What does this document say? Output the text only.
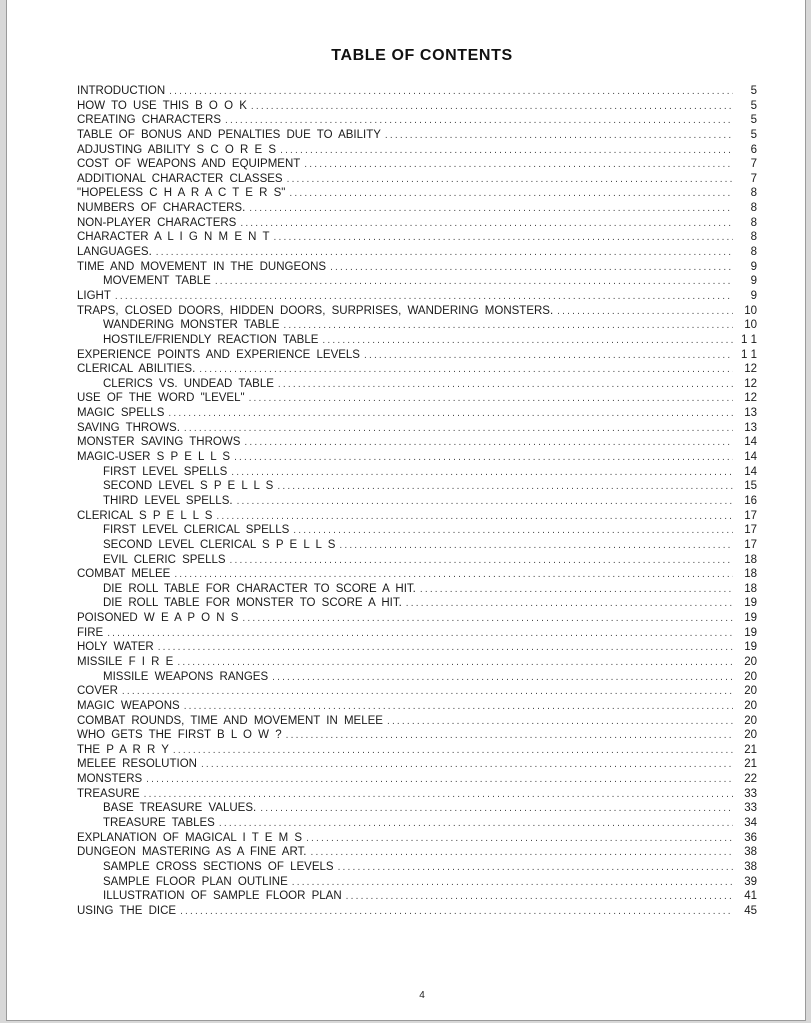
TABLE OF CONTENTS
INTRODUCTION .....	5
HOW TO USE THIS B O O K .....	5
CREATING CHARACTERS .....	5
TABLE OF BONUS AND PENALTIES DUE TO ABILITY .....	5
ADJUSTING ABILITY S C O R E S .....	6
COST OF WEAPONS AND EQUIPMENT .....	7
ADDITIONAL CHARACTER CLASSES .....	7
"HOPELESS C H A R A C T E R S" .....	8
NUMBERS OF CHARACTERS. .....	8
NON-PLAYER CHARACTERS .....	8
CHARACTER A L I G N M E N T .....	8
LANGUAGES. .....	8
TIME AND MOVEMENT IN THE DUNGEONS .....	9
MOVEMENT TABLE .....	9
LIGHT .....	9
TRAPS, CLOSED DOORS, HIDDEN DOORS, SURPRISES, WANDERING MONSTERS. .....	10
WANDERING MONSTER TABLE .....	10
HOSTILE/FRIENDLY REACTION TABLE .....	1 1
EXPERIENCE POINTS AND EXPERIENCE LEVELS .....	1 1
CLERICAL ABILITIES. .....	12
CLERICS VS. UNDEAD TABLE .....	12
USE OF THE WORD "LEVEL" .....	12
MAGIC SPELLS .....	13
SAVING THROWS. .....	13
MONSTER SAVING THROWS .....	14
MAGIC-USER S P E L L S .....	14
FIRST LEVEL SPELLS .....	14
SECOND LEVEL S P E L L S .....	15
THIRD LEVEL SPELLS. .....	16
CLERICAL S P E L L S .....	17
FIRST LEVEL CLERICAL SPELLS .....	17
SECOND LEVEL CLERICAL S P E L L S .....	17
EVIL CLERIC SPELLS .....	18
COMBAT MELEE .....	18
DIE ROLL TABLE FOR CHARACTER TO SCORE A HIT. .....	18
DIE ROLL TABLE FOR MONSTER TO SCORE A HIT. .....	19
POISONED W E A P O N S .....	19
FIRE .....	19
HOLY WATER .....	19
MISSILE F I R E .....	20
MISSILE WEAPONS RANGES .....	20
COVER .....	20
MAGIC WEAPONS .....	20
COMBAT ROUNDS, TIME AND MOVEMENT IN MELEE .....	20
WHO GETS THE FIRST B L O W ? .....	20
THE P A R R Y .....	21
MELEE RESOLUTION .....	21
MONSTERS .....	22
TREASURE .....	33
BASE TREASURE VALUES. .....	33
TREASURE TABLES .....	34
EXPLANATION OF MAGICAL I T E M S .....	36
DUNGEON MASTERING AS A FINE ART. .....	38
SAMPLE CROSS SECTIONS OF LEVELS .....	38
SAMPLE FLOOR PLAN OUTLINE .....	39
ILLUSTRATION OF SAMPLE FLOOR PLAN .....	41
USING THE DICE .....	45
4
